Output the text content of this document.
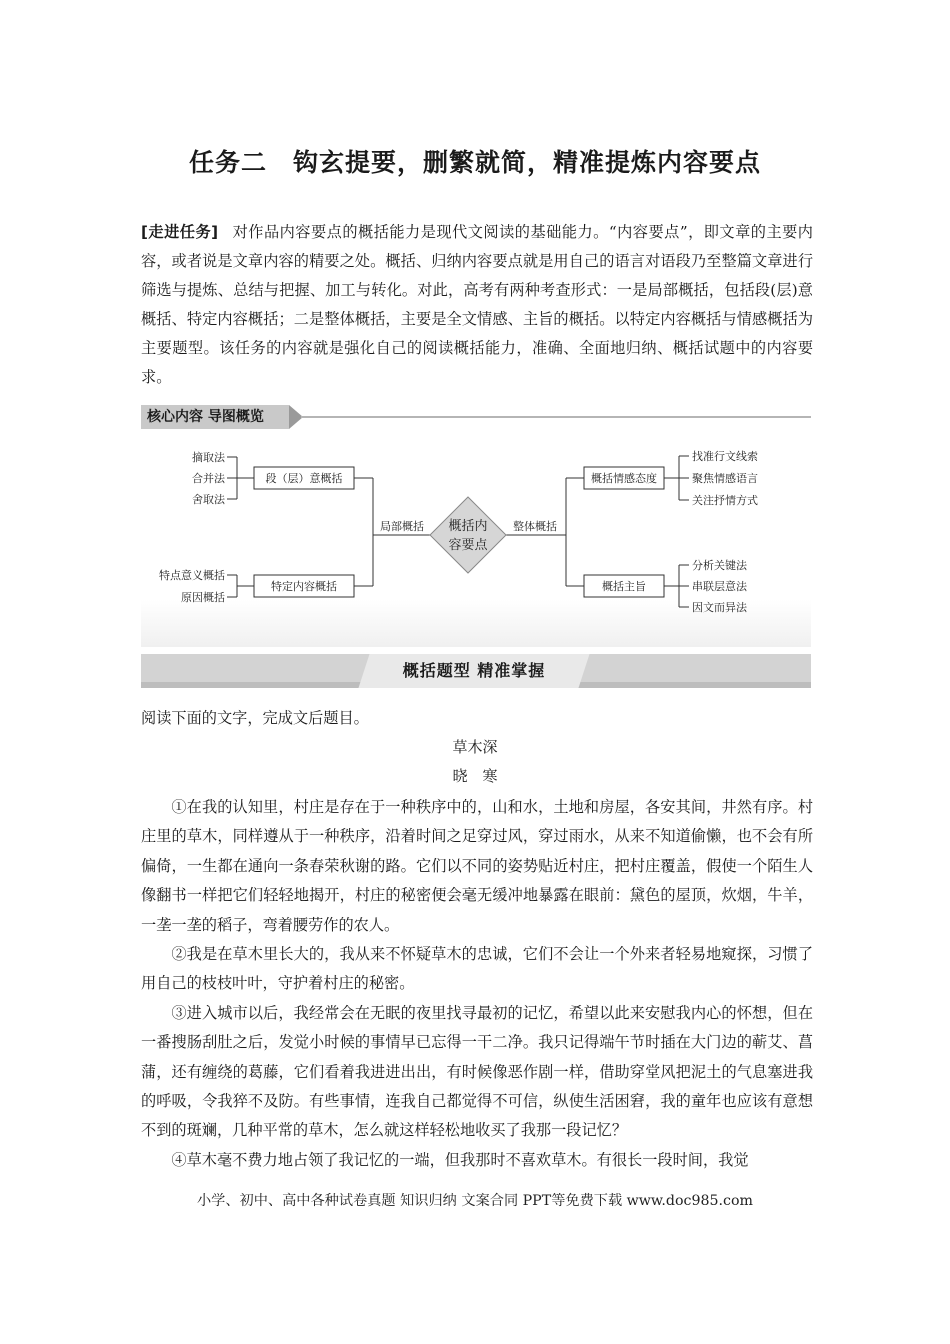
任务二 钩玄提要，删繁就简，精准提炼内容要点
[走进任务] 对作品内容要点的概括能力是现代文阅读的基础能力。“内容要点”，即文章的主要内容，或者说是文章内容的精要之处。概括、归纳内容要点就是用自己的语言对语段乃至整篇文章进行筛选与提炼、总结与把握、加工与转化。对此，高考有两种考查形式：一是局部概括，包括段(层)意概括、特定内容概括；二是整体概括，主要是全文情感、主旨的概括。以特定内容概括与情感概括为主要题型。该任务的内容就是强化自己的阅读概括能力，准确、全面地归纳、概括试题中的内容要求。
核心内容 导图概览
概括内
容要点
局部概括	整体概括
段（层）意概括
特定内容概括
概括情感态度
概括主旨
摘取法
合并法
舍取法
特点意义概括
原因概括
找准行文线索
聚焦情感语言
关注抒情方式
分析关键法
串联层意法
因文而异法
概括题型 精准掌握
阅读下面的文字，完成文后题目。
草木深
晓　寒

①在我的认知里，村庄是存在于一种秩序中的，山和水，土地和房屋，各安其间，井然有序。村庄里的草木，同样遵从于一种秩序，沿着时间之足穿过风，穿过雨水，从来不知道偷懒，也不会有所偏倚，一生都在通向一条春荣秋谢的路。它们以不同的姿势贴近村庄，把村庄覆盖，假使一个陌生人像翻书一样把它们轻轻地揭开，村庄的秘密便会毫无缓冲地暴露在眼前：黛色的屋顶，炊烟，牛羊，一垄一垄的稻子，弯着腰劳作的农人。

②我是在草木里长大的，我从来不怀疑草木的忠诚，它们不会让一个外来者轻易地窥探，习惯了用自己的枝枝叶叶，守护着村庄的秘密。

③进入城市以后，我经常会在无眠的夜里找寻最初的记忆，希望以此来安慰我内心的怀想，但在一番搜肠刮肚之后，发觉小时候的事情早已忘得一干二净。我只记得端午节时插在大门边的蕲艾、菖蒲，还有缠绕的葛藤，它们看着我进进出出，有时候像恶作剧一样，借助穿堂风把泥土的气息塞进我的呼吸，令我猝不及防。有些事情，连我自己都觉得不可信，纵使生活困窘，我的童年也应该有意想不到的斑斓，几种平常的草木，怎么就这样轻松地收买了我那一段记忆？

④草木毫不费力地占领了我记忆的一端，但我那时不喜欢草木。有很长一段时间，我觉

小学、初中、高中各种试卷真题 知识归纳 文案合同 PPT等免费下载 www.doc985.com
